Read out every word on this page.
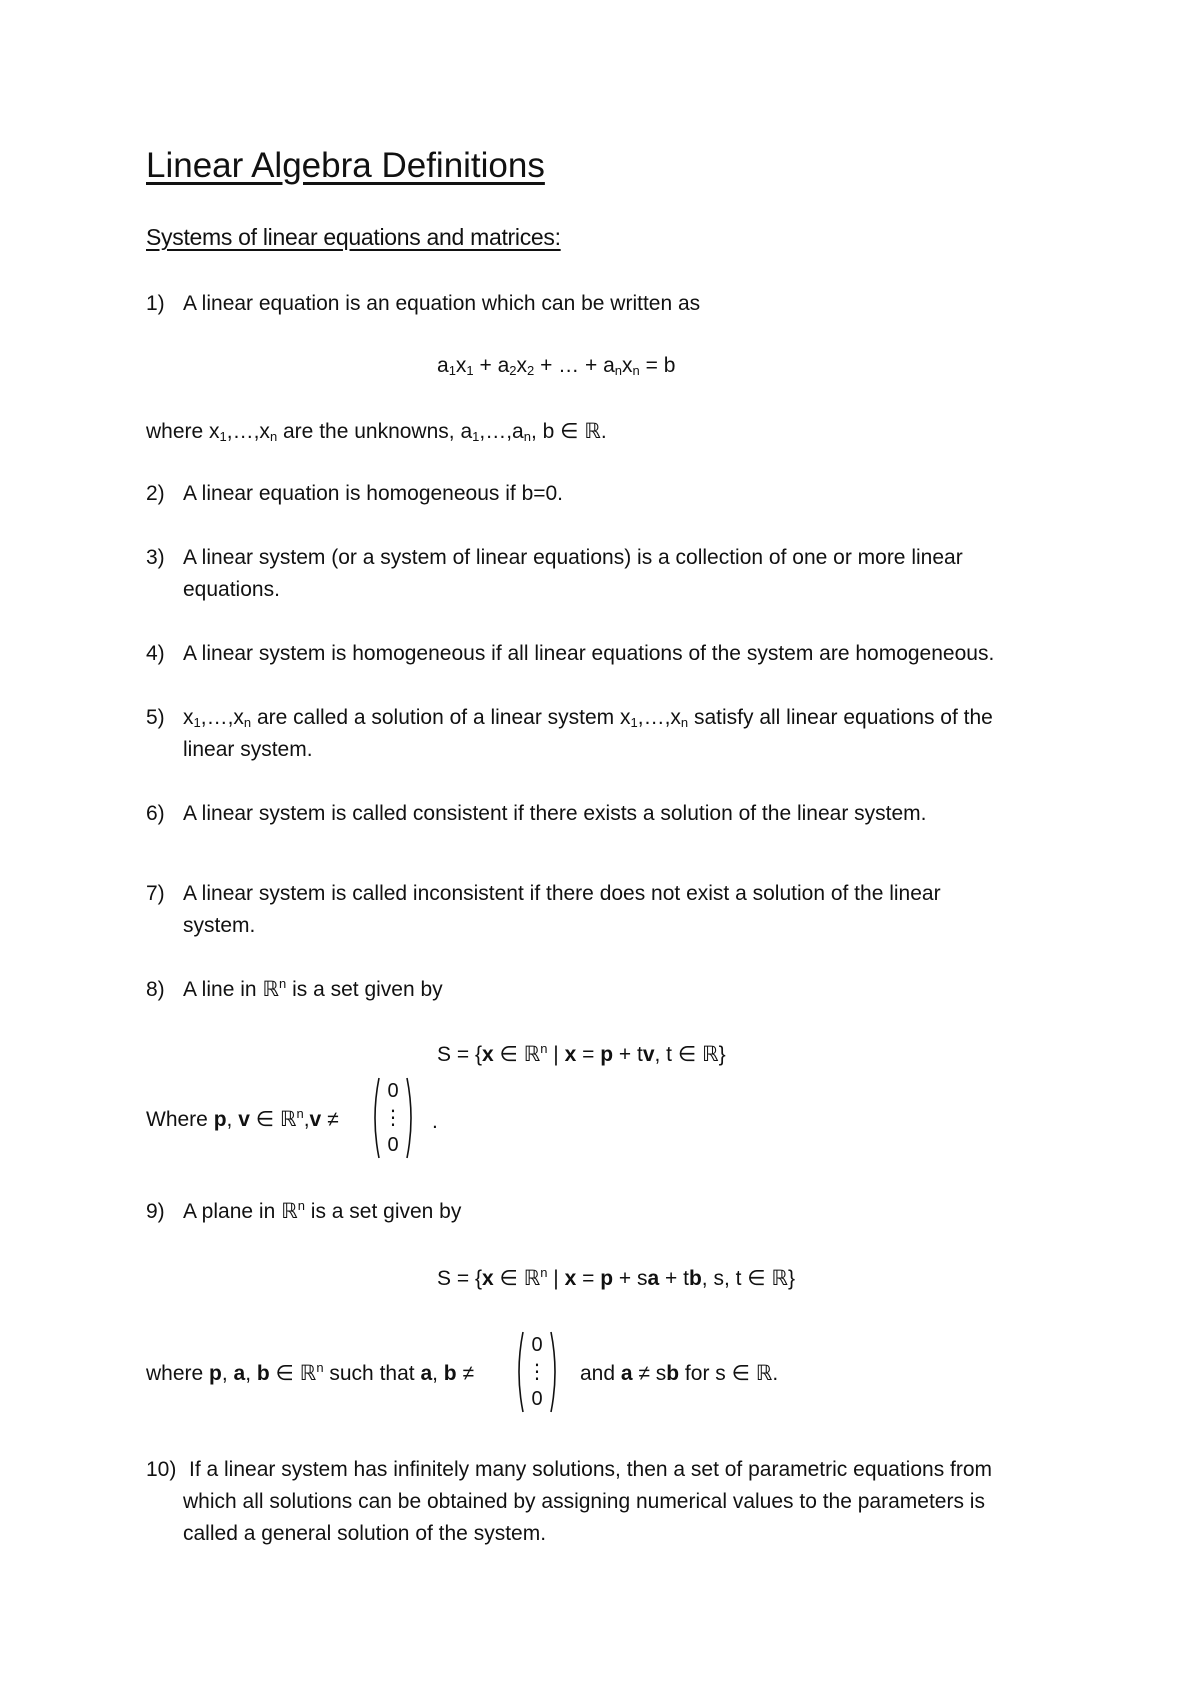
Linear Algebra Definitions
Systems of linear equations and matrices:
1) A linear equation is an equation which can be written as
$a_1x_1 + a_2x_2$ + … + $a_nx_n = b$
where $x_1,\dots,x_n$ are the unknowns, $a_1,\dots,a_n$, b ∈ ℝ.
2) A linear equation is homogeneous if b=0.
3) A linear system (or a system of linear equations) is a collection of one or more linear
equations.
4) A linear system is homogeneous if all linear equations of the system are homogeneous.
5) $x_1,\dots,x_n$ are called a solution of a linear system $x_1,\dots,x_n$ satisfy all linear equations of the
linear system.
6) A linear system is called consistent if there exists a solution of the linear system.
7) A linear system is called inconsistent if there does not exist a solution of the linear
system.
8) A line in ℝ$^n$ is a set given by
S = {x ∈ ℝ$^n$ | x = p + tv, t ∈ ℝ}
Where p, v ∈ ℝ$^n$,v ≠
0
⋮
0
.
9) A plane in ℝ$^n$ is a set given by
S = {x ∈ ℝ$^n$ | x = p + sa + tb, s, t ∈ ℝ}
where p, a, b ∈ ℝ$^n$ such that a, b ≠
0
⋮
0
and a ≠ sb for s ∈ ℝ.
10) If a linear system has infinitely many solutions, then a set of parametric equations from
which all solutions can be obtained by assigning numerical values to the parameters is
called a general solution of the system.
